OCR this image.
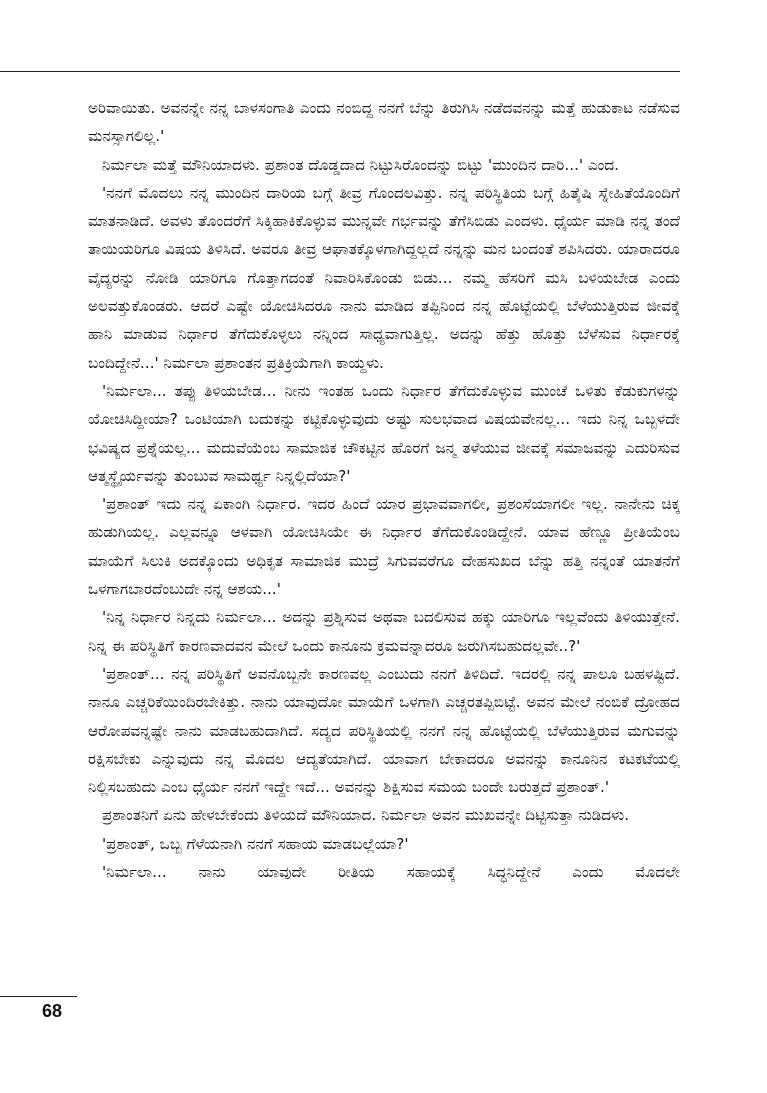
ಅರಿವಾಯಿತು. ಅವನನ್ನೇ ನನ್ನ ಬಾಳಸಂಗಾತಿ ಎಂದು ನಂಬಿದ್ದ ನನಗೆ ಬೆನ್ನು ತಿರುಗಿಸಿ ನಡೆದವನನ್ನು ಮತ್ತೆ ಹುಡುಕಾಟ ನಡೆಸುವ ಮನಸ್ಸಾಗಲಿಲ್ಲ.'

ನಿರ್ಮಲಾ ಮತ್ತೆ ಮೌನಿಯಾದಳು. ಪ್ರಶಾಂತ ದೊಡ್ಡದಾದ ನಿಟ್ಟುಸಿರೊಂದನ್ನು ಬಿಟ್ಟು 'ಮುಂದಿನ ದಾರಿ...' ಎಂದ.

'ನನಗೆ ಮೊದಲು ನನ್ನ ಮುಂದಿನ ದಾರಿಯ ಬಗ್ಗೆ ತೀವ್ರ ಗೊಂದಲವಿತ್ತು. ನನ್ನ ಪರಿಸ್ಥಿತಿಯ ಬಗ್ಗೆ ಹಿತೈಷಿ ಸ್ನೇಹಿತೆಯೊಂದಿಗೆ ಮಾತನಾಡಿದೆ. ಅವಳು ತೊಂದರೆಗೆ ಸಿಕ್ಕಿಹಾಕಿಕೊಳ್ಳುವ ಮುನ್ನವೇ ಗರ್ಭವನ್ನು ತೆಗೆಸಿಬಿಡು ಎಂದಳು. ಧೈರ್ಯ ಮಾಡಿ ನನ್ನ ತಂದೆ ತಾಯಿಯರಿಗೂ ವಿಷಯ ತಿಳಿಸಿದೆ. ಅವರೂ ತೀವ್ರ ಆಘಾತಕ್ಕೊಳಗಾಗಿದ್ದಲ್ಲದೆ ನನ್ನನ್ನು ಮನ ಬಂದಂತೆ ಶಪಿಸಿದರು. ಯಾರಾದರೂ ವೈದ್ಯರನ್ನು ನೋಡಿ ಯಾರಿಗೂ ಗೊತ್ತಾಗದಂತೆ ನಿವಾರಿಸಿಕೊಂಡು ಬಿಡು... ನಮ್ಮ ಹೆಸರಿಗೆ ಮಸಿ ಬಳಿಯಬೇಡ ಎಂದು ಅಲವತ್ತುಕೊಂಡರು. ಆದರೆ ಎಷ್ಟೇ ಯೋಚಿಸಿದರೂ ನಾನು ಮಾಡಿದ ತಪ್ಪಿನಿಂದ ನನ್ನ ಹೊಟ್ಟೆಯಲ್ಲಿ ಬೆಳೆಯುತ್ತಿರುವ ಜೀವಕ್ಕೆ ಹಾನಿ ಮಾಡುವ ನಿರ್ಧಾರ ತೆಗೆದುಕೊಳ್ಳಲು ನನ್ನಿಂದ ಸಾಧ್ಯವಾಗುತ್ತಿಲ್ಲ. ಅದನ್ನು ಹೆತ್ತು ಹೊತ್ತು ಬೆಳೆಸುವ ನಿರ್ಧಾರಕ್ಕೆ ಬಂದಿದ್ದೇನೆ...' ನಿರ್ಮಲಾ ಪ್ರಶಾಂತನ ಪ್ರತಿಕ್ರಿಯೆಗಾಗಿ ಕಾಯ್ದಳು.

'ನಿರ್ಮಲಾ... ತಪ್ಪು ತಿಳಿಯಬೇಡ... ನೀನು ಇಂತಹ ಒಂದು ನಿರ್ಧಾರ ತೆಗೆದುಕೊಳ್ಳುವ ಮುಂಚೆ ಒಳಿತು ಕೆಡುಕುಗಳನ್ನು ಯೋಚಿಸಿದ್ದೀಯಾ? ಒಂಟಿಯಾಗಿ ಬದುಕನ್ನು ಕಟ್ಟಿಕೊಳ್ಳುವುದು ಅಷ್ಟು ಸುಲಭವಾದ ವಿಷಯವೇನಲ್ಲ... ಇದು ನಿನ್ನ ಒಬ್ಬಳದೇ ಭವಿಷ್ಯದ ಪ್ರಶ್ನೆಯಲ್ಲ... ಮದುವೆಯೆಂಬ ಸಾಮಾಜಿಕ ಚೌಕಟ್ಟಿನ ಹೊರಗೆ ಜನ್ಮ ತಳೆಯುವ ಜೀವಕ್ಕೆ ಸಮಾಜವನ್ನು ಎದುರಿಸುವ ಆತ್ಮಸ್ಥೈರ್ಯವನ್ನು ತುಂಬುವ ಸಾಮರ್ಥ್ಯ ನಿನ್ನಲ್ಲಿದೆಯಾ?'

'ಪ್ರಶಾಂತ್ ಇದು ನನ್ನ ಏಕಾಂಗಿ ನಿರ್ಧಾರ. ಇದರ ಹಿಂದೆ ಯಾರ ಪ್ರಭಾವವಾಗಲೀ, ಪ್ರಶಂಸೆಯಾಗಲೀ ಇಲ್ಲ. ನಾನೇನು ಚಿಕ್ಕ ಹುಡುಗಿಯಲ್ಲ. ಎಲ್ಲವನ್ನೂ ಆಳವಾಗಿ ಯೋಚಿಸಿಯೇ ಈ ನಿರ್ಧಾರ ತೆಗೆದುಕೊಂಡಿದ್ದೇನೆ. ಯಾವ ಹೆಣ್ಣೂ ಪ್ರೀತಿಯೆಂಬ ಮಾಯೆಗೆ ಸಿಲುಕಿ ಅದಕ್ಕೊಂದು ಅಧಿಕೃತ ಸಾಮಾಜಿಕ ಮುದ್ರೆ ಸಿಗುವವರೆಗೂ ದೇಹಸುಖದ ಬೆನ್ನು ಹತ್ತಿ ನನ್ನಂತೆ ಯಾತನೆಗೆ ಒಳಗಾಗಬಾರದೆಂಬುದೇ ನನ್ನ ಆಶಯ...'

'ನಿನ್ನ ನಿರ್ಧಾರ ನಿನ್ನದು ನಿರ್ಮಲಾ... ಅದನ್ನು ಪ್ರಶ್ನಿಸುವ ಅಥವಾ ಬದಲಿಸುವ ಹಕ್ಕು ಯಾರಿಗೂ ಇಲ್ಲವೆಂದು ತಿಳಿಯುತ್ತೇನೆ. ನಿನ್ನ ಈ ಪರಿಸ್ಥಿತಿಗೆ ಕಾರಣವಾದವನ ಮೇಲೆ ಒಂದು ಕಾನೂನು ಕ್ರಮವನ್ನಾದರೂ ಜರುಗಿಸಬಹುದಲ್ಲವೇ..?'

'ಪ್ರಶಾಂತ್... ನನ್ನ ಪರಿಸ್ಥಿತಿಗೆ ಅವನೊಬ್ಬನೇ ಕಾರಣವಲ್ಲ ಎಂಬುದು ನನಗೆ ತಿಳಿದಿದೆ. ಇದರಲ್ಲಿ ನನ್ನ ಪಾಲೂ ಬಹಳಷ್ಟಿದೆ. ನಾನೂ ಎಚ್ಚರಿಕೆಯಿಂದಿರಬೇಕಿತ್ತು. ನಾನು ಯಾವುದೋ ಮಾಯೆಗೆ ಒಳಗಾಗಿ ಎಚ್ಚರತಪ್ಪಿಬಿಟ್ಟೆ. ಅವನ ಮೇಲೆ ನಂಬಿಕೆ ದ್ರೋಹದ ಆರೋಪವನ್ನಷ್ಟೇ ನಾನು ಮಾಡಬಹುದಾಗಿದೆ. ಸದ್ಯದ ಪರಿಸ್ಥಿತಿಯಲ್ಲಿ ನನಗೆ ನನ್ನ ಹೊಟ್ಟೆಯಲ್ಲಿ ಬೆಳೆಯುತ್ತಿರುವ ಮಗುವನ್ನು ರಕ್ಷಿಸಬೇಕು ಎನ್ನುವುದು ನನ್ನ ಮೊದಲ ಆದ್ಯತೆಯಾಗಿದೆ. ಯಾವಾಗ ಬೇಕಾದರೂ ಅವನನ್ನು ಕಾನೂನಿನ ಕಟಕಟೆಯಲ್ಲಿ ನಿಲ್ಲಿಸಬಹುದು ಎಂಬ ಧೈರ್ಯ ನನಗೆ ಇದ್ದೇ ಇದೆ... ಅವನನ್ನು ಶಿಕ್ಷಿಸುವ ಸಮಯ ಬಂದೇ ಬರುತ್ತದೆ ಪ್ರಶಾಂತ್.'

ಪ್ರಶಾಂತನಿಗೆ ಏನು ಹೇಳಬೇಕೆಂದು ತಿಳಿಯದೆ ಮೌನಿಯಾದ. ನಿರ್ಮಲಾ ಅವನ ಮುಖವನ್ನೇ ದಿಟ್ಟಿಸುತ್ತಾ ನುಡಿದಳು.

'ಪ್ರಶಾಂತ್, ಒಬ್ಬ ಗೆಳೆಯನಾಗಿ ನನಗೆ ಸಹಾಯ ಮಾಡಬಲ್ಲೆಯಾ?'

'ನಿರ್ಮಲಾ... ನಾನು ಯಾವುದೇ ರೀತಿಯ ಸಹಾಯಕ್ಕೆ ಸಿದ್ಧನಿದ್ದೇನೆ ಎಂದು ಮೊದಲೇ

68
